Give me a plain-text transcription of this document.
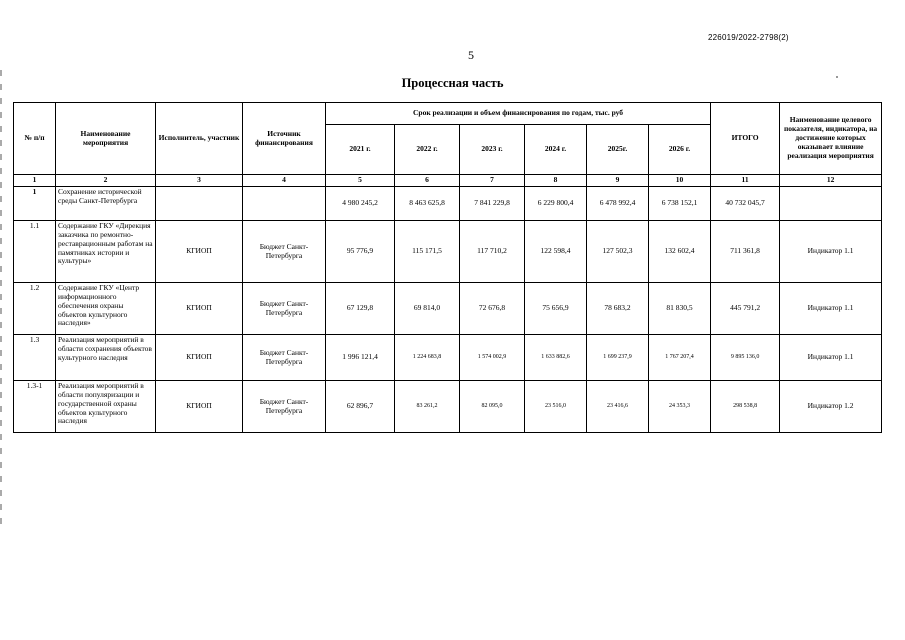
226019/2022-2798(2)
5
Процессная часть
№ п/п	Наименование мероприятия	Исполнитель, участник	Источник финансирования	Срок реализации и объем финансирования по годам, тыс. руб						ИТОГО	Наименование целевого показателя, индикатора, на достижение которых оказывает влияние реализация мероприятия
				2021 г.	2022 г.	2023 г.	2024 г.	2025г.	2026 г.		
1	2	3	4	5	6	7	8	9	10	11	12
1	Сохранение исторической среды Санкт-Петербурга			4 980 245,2	8 463 625,8	7 841 229,8	6 229 800,4	6 478 992,4	6 738 152,1	40 732 045,7	
1.1	Содержание ГКУ «Дирекция заказчика по ремонтно-реставрационным работам на памятниках истории и культуры»	КГИОП	Бюджет Санкт-Петербурга	95 776,9	115 171,5	117 710,2	122 598,4	127 502,3	132 602,4	711 361,8	Индикатор 1.1
1.2	Содержание ГКУ «Центр информационного обеспечения охраны объектов культурного наследия»	КГИОП	Бюджет Санкт-Петербурга	67 129,8	69 814,0	72 676,8	75 656,9	78 683,2	81 830,5	445 791,2	Индикатор 1.1
1.3	Реализация мероприятий в области сохранения объектов культурного наследия	КГИОП	Бюджет Санкт-Петербурга	1 996 121,4	1 224 683,8	1 574 002,9	1 633 882,6	1 699 237,9	1 767 207,4	9 895 136,0	Индикатор 1.1
1.3-1	Реализация мероприятий в области популяризации и государственной охраны объектов культурного наследия	КГИОП	Бюджет Санкт-Петербурга	62 896,7	83 261,2	82 095,0	23 516,0	23 416,6	24 353,3	298 538,8	Индикатор 1.2
